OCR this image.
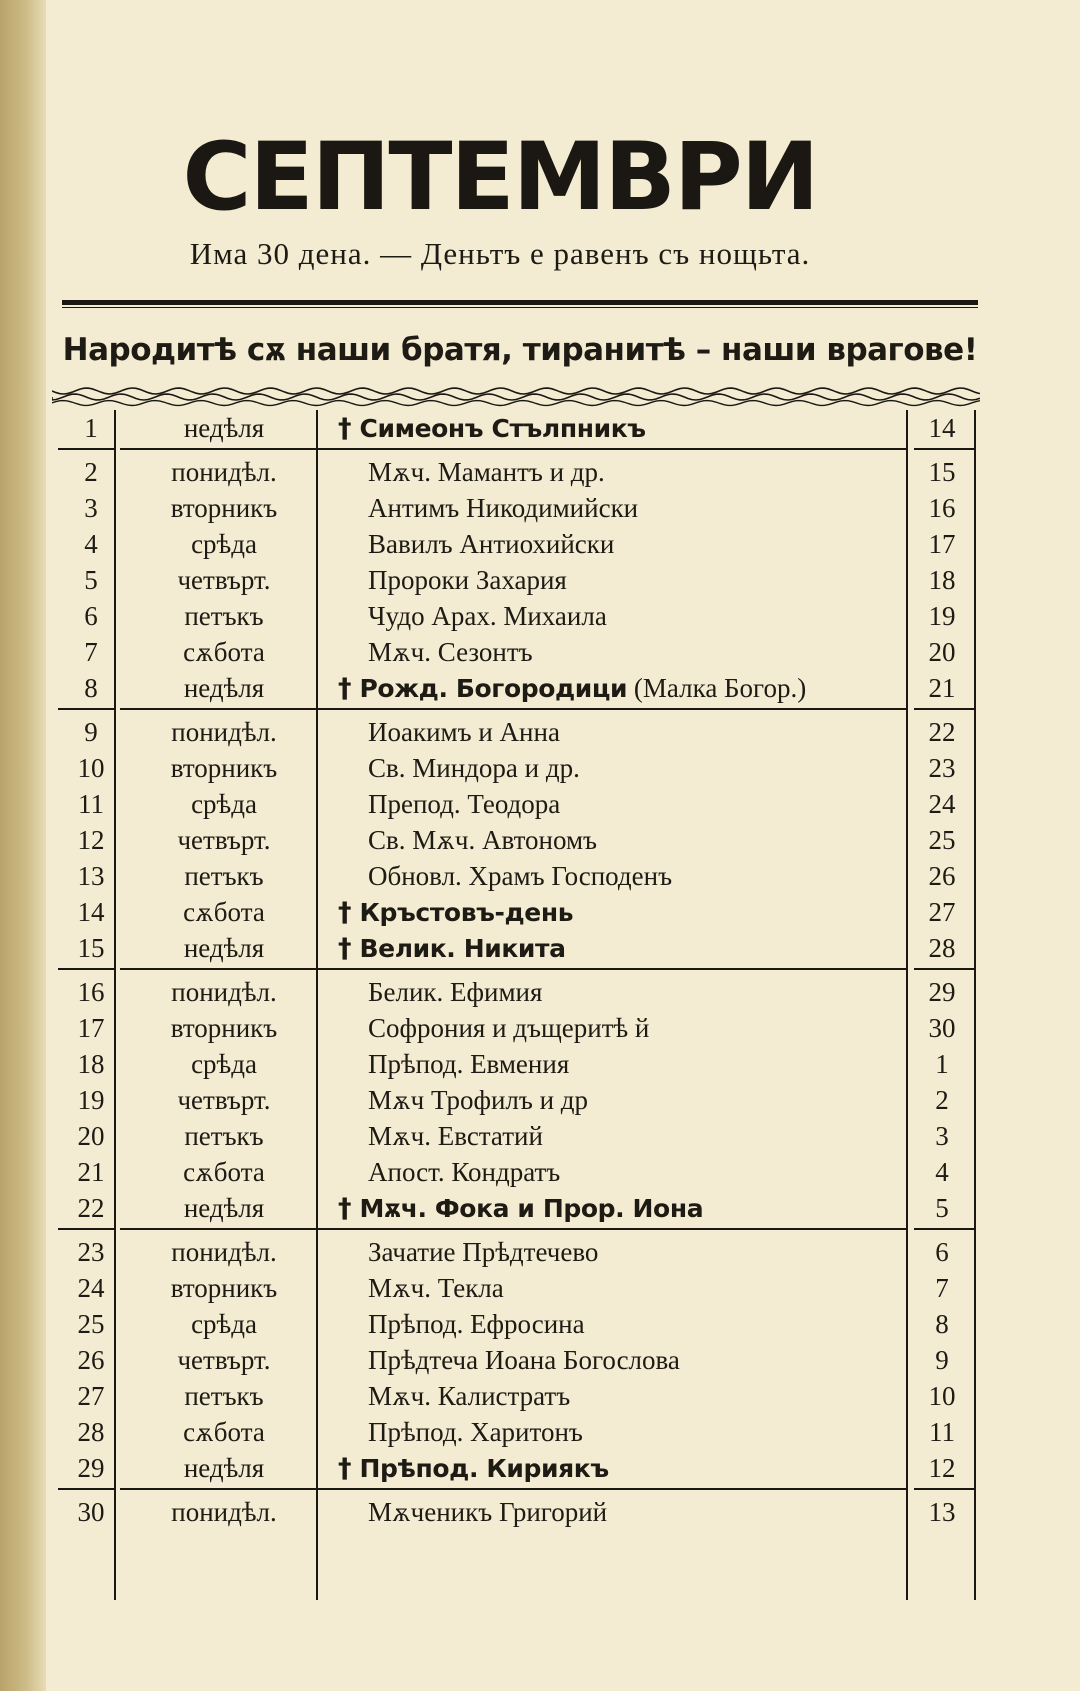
СЕПТЕМВРИ
Има 30 дена. — Деньтъ е равенъ съ нощьта.
Народитѣ сѫ наши братя, тиранитѣ – наши врагове!
1	недѣля	† Симеонъ Стълпникъ	14
2	понидѣл.	Мѫч. Мамантъ и др.	15
3	вторникъ	Антимъ Никодимийски	16
4	срѣда	Вавилъ Антиохийски	17
5	четвърт.	Пророки Захария	18
6	петъкъ	Чудо Арах. Михаила	19
7	сѫбота	Мѫч. Сезонтъ	20
8	недѣля	† Рожд. Богородици (Малка Богор.)	21
9	понидѣл.	Иоакимъ и Анна	22
10	вторникъ	Св. Миндора и др.	23
11	срѣда	Препод. Теодора	24
12	четвърт.	Св. Мѫч. Автономъ	25
13	петъкъ	Обновл. Храмъ Господенъ	26
14	сѫбота	† Кръстовъ-день	27
15	недѣля	† Велик. Никита	28
16	понидѣл.	Белик. Ефимия	29
17	вторникъ	Софрония и дъщеритѣ й	30
18	срѣда	Прѣпод. Евмения	1
19	четвърт.	Мѫч Трофилъ и др	2
20	петъкъ	Мѫч. Евстатий	3
21	сѫбота	Апост. Кондратъ	4
22	недѣля	† Мѫч. Фока и Прор. Иона	5
23	понидѣл.	Зачатие Прѣдтечево	6
24	вторникъ	Мѫч. Текла	7
25	срѣда	Прѣпод. Ефросина	8
26	четвърт.	Прѣдтеча Иоана Богослова	9
27	петъкъ	Мѫч. Калистратъ	10
28	сѫбота	Прѣпод. Харитонъ	11
29	недѣля	† Прѣпод. Кириякъ	12
30	понидѣл.	Мѫченикъ Григорий	13
